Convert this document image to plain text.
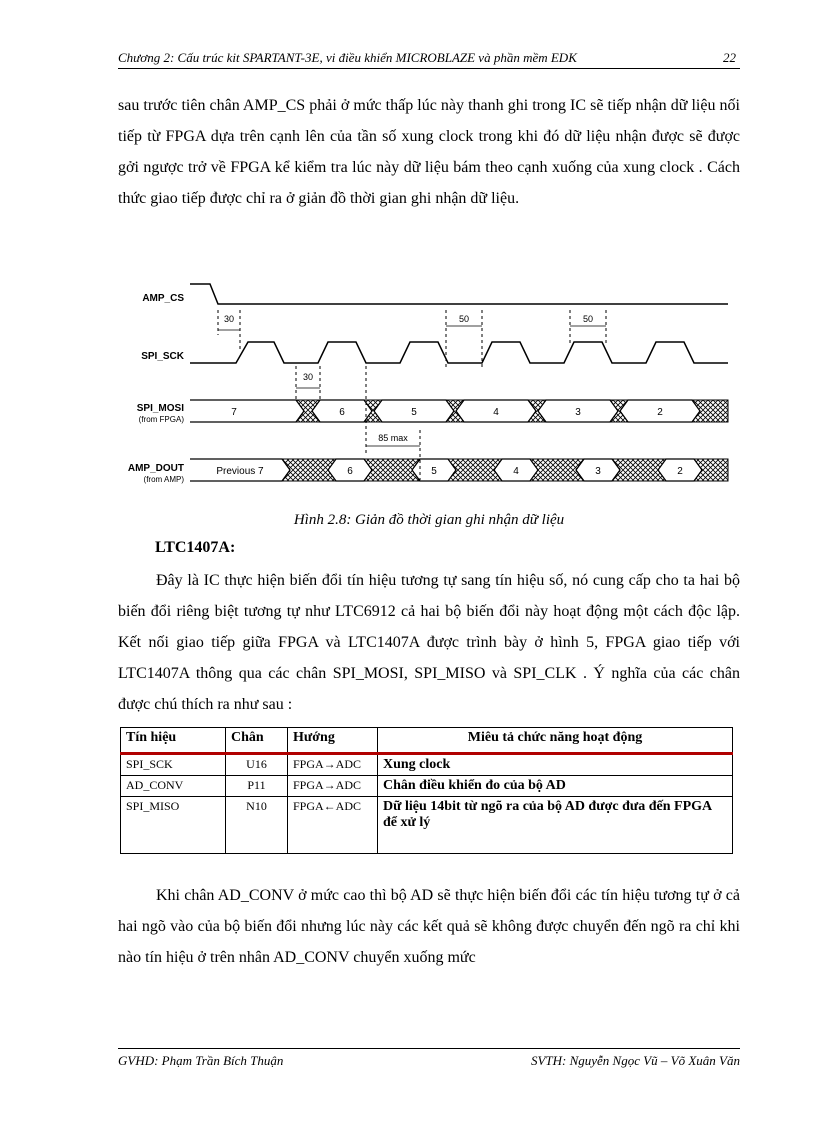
Chương 2: Cấu trúc kit SPARTANT-3E, vi điều khiển MICROBLAZE và phần mềm EDK	22

sau trước tiên chân AMP_CS phải ở mức thấp lúc này thanh ghi trong IC sẽ tiếp nhận dữ liệu nối tiếp từ FPGA dựa trên cạnh lên của tần số xung clock trong khi đó dữ liệu nhận được sẽ được gởi ngược trở về FPGA kể kiểm tra lúc này dữ liệu bám theo cạnh xuống của xung clock . Cách thức giao tiếp được chỉ ra ở giản đồ thời gian ghi nhận dữ liệu.

AMP_CS
SPI_SCK
SPI_MOSI
(from FPGA)
AMP_DOUT
(from AMP)
30
30
50	50
85 max
7	6	5	4	3	2
Previous 7	6	5	4	3	2
Hình 2.8: Giản đồ thời gian ghi nhận dữ liệu
LTC1407A:

Đây là IC thực hiện biến đổi tín hiệu tương tự sang tín hiệu số, nó cung cấp cho ta hai bộ biến đổi riêng biệt tương tự như LTC6912 cả hai bộ biến đổi này hoạt động một cách độc lập. Kết nối giao tiếp giữa FPGA và LTC1407A được trình bày ở hình 5, FPGA giao tiếp với LTC1407A thông qua các chân SPI_MOSI, SPI_MISO và SPI_CLK . Ý nghĩa của các chân được chú thích ra như sau :

Tín hiệu	Chân	Hướng	Miêu tả chức năng hoạt động
SPI_SCK	U16	FPGA→ADC	Xung clock
AD_CONV	P11	FPGA→ADC	Chân điều khiển đo của bộ AD
SPI_MISO	N10	FPGA←ADC	Dữ liệu 14bit từ ngõ ra của bộ AD được đưa đến FPGA để xử lý

Khi chân AD_CONV ở mức cao thì bộ AD sẽ thực hiện biến đổi các tín hiệu tương tự ở cả hai ngõ vào của bộ biến đổi nhưng lúc này các kết quả sẽ không được chuyển đến ngõ ra chỉ khi nào tín hiệu ở trên nhân AD_CONV chuyển xuống mức

GVHD: Phạm Trần Bích Thuận	SVTH: Nguyễn Ngọc Vũ – Võ Xuân Văn
